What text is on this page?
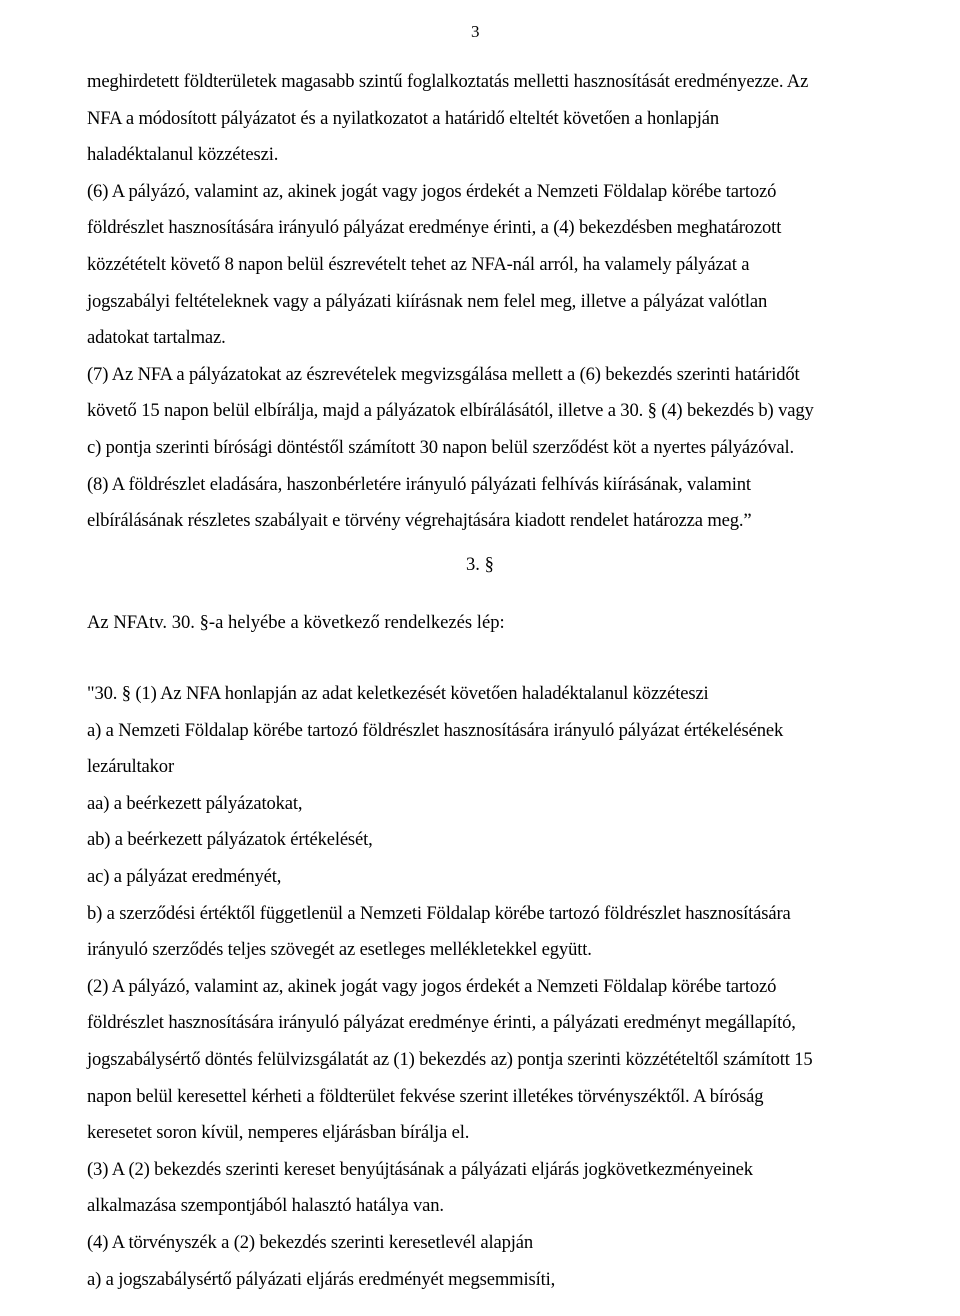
3
meghirdetett földterületek magasabb szintű foglalkoztatás melletti hasznosítását eredményezze. Az
NFA a módosított pályázatot és a nyilatkozatot a határidő elteltét követően a honlapján
haladéktalanul közzéteszi.
(6) A pályázó, valamint az, akinek jogát vagy jogos érdekét a Nemzeti Földalap körébe tartozó
földrészlet hasznosítására irányuló pályázat eredménye érinti, a (4) bekezdésben meghatározott
közzétételt követő 8 napon belül észrevételt tehet az NFA-nál arról, ha valamely pályázat a
jogszabályi feltételeknek vagy a pályázati kiírásnak nem felel meg, illetve a pályázat valótlan
adatokat tartalmaz.
(7) Az NFA a pályázatokat az észrevételek megvizsgálása mellett a (6) bekezdés szerinti határidőt
követő 15 napon belül elbírálja, majd a pályázatok elbírálásától, illetve a 30. § (4) bekezdés b) vagy
c) pontja szerinti bírósági döntéstől számított 30 napon belül szerződést köt a nyertes pályázóval.
(8) A földrészlet eladására, haszonbérletére irányuló pályázati felhívás kiírásának, valamint
elbírálásának részletes szabályait e törvény végrehajtására kiadott rendelet határozza meg.”
3. §
Az NFAtv. 30. §-a helyébe a következő rendelkezés lép:
"30. § (1) Az NFA honlapján az adat keletkezését követően haladéktalanul közzéteszi
a) a Nemzeti Földalap körébe tartozó földrészlet hasznosítására irányuló pályázat értékelésének
lezárultakor
aa) a beérkezett pályázatokat,
ab) a beérkezett pályázatok értékelését,
ac) a pályázat eredményét,
b) a szerződési értéktől függetlenül a Nemzeti Földalap körébe tartozó földrészlet hasznosítására
irányuló szerződés teljes szövegét az esetleges mellékletekkel együtt.
(2) A pályázó, valamint az, akinek jogát vagy jogos érdekét a Nemzeti Földalap körébe tartozó
földrészlet hasznosítására irányuló pályázat eredménye érinti, a pályázati eredményt megállapító,
jogszabálysértő döntés felülvizsgálatát az (1) bekezdés az) pontja szerinti közzétételtől számított 15
napon belül keresettel kérheti a földterület fekvése szerint illetékes törvényszéktől. A bíróság
keresetet soron kívül, nemperes eljárásban bírálja el.
(3) A (2) bekezdés szerinti kereset benyújtásának a pályázati eljárás jogkövetkezményeinek
alkalmazása szempontjából halasztó hatálya van.
(4) A törvényszék a (2) bekezdés szerinti keresetlevél alapján
a) a jogszabálysértő pályázati eljárás eredményét megsemmisíti,
